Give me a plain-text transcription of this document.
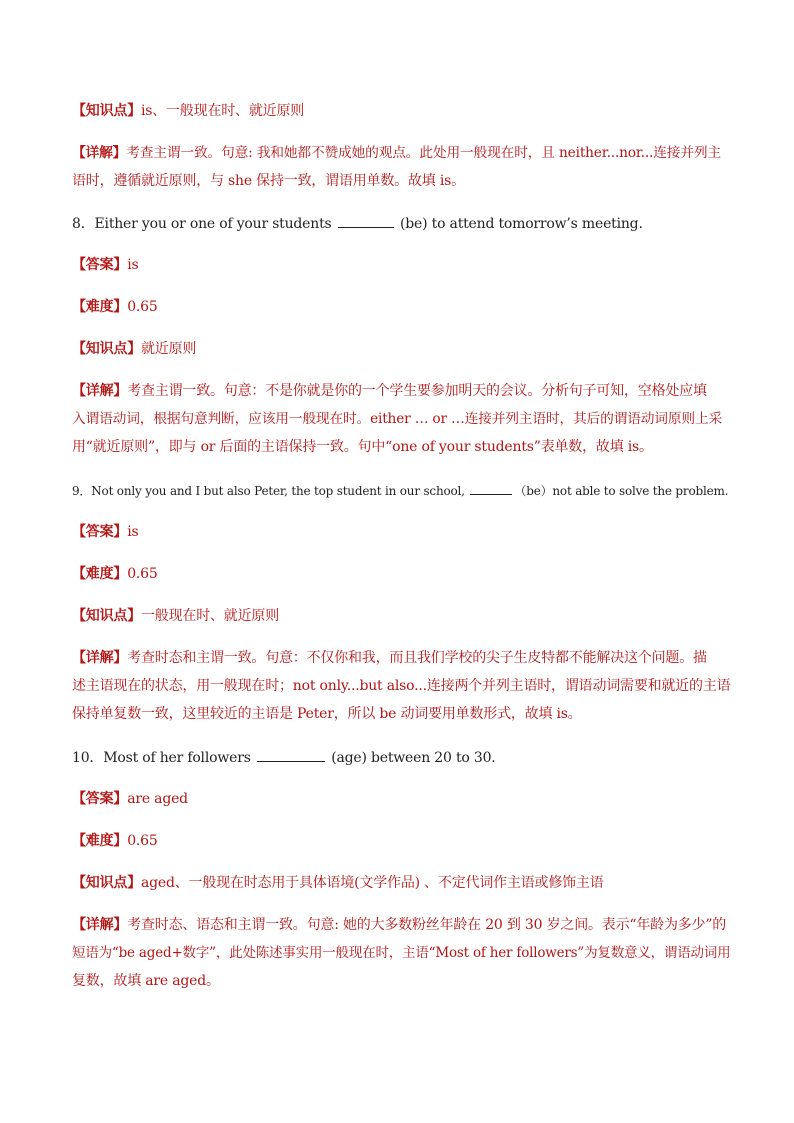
【知识点】is、一般现在时、就近原则
【详解】考查主谓一致。句意: 我和她都不赞成她的观点。此处用一般现在时，且 neither...nor...连接并列主
语时，遵循就近原则，与 she 保持一致，谓语用单数。故填 is。
8．Either you or one of your students	(be) to attend tomorrow’s meeting.
【答案】is
【难度】0.65
【知识点】就近原则
【详解】考查主谓一致。句意：不是你就是你的一个学生要参加明天的会议。分析句子可知，空格处应填
入谓语动词，根据句意判断，应该用一般现在时。either … or …连接并列主语时，其后的谓语动词原则上采
用“就近原则”，即与 or 后面的主语保持一致。句中“one of your students”表单数，故填 is。
9．Not only you and I but also Peter, the top student in our school,	（be）not able to solve the problem.
【答案】is
【难度】0.65
【知识点】一般现在时、就近原则
【详解】考查时态和主谓一致。句意：不仅你和我，而且我们学校的尖子生皮特都不能解决这个问题。描
述主语现在的状态，用一般现在时；not only...but also...连接两个并列主语时，谓语动词需要和就近的主语
保持单复数一致，这里较近的主语是 Peter，所以 be 动词要用单数形式，故填 is。
10．Most of her followers	(age) between 20 to 30.
【答案】are aged
【难度】0.65
【知识点】aged、一般现在时态用于具体语境(文学作品) 、不定代词作主语或修饰主语
【详解】考查时态、语态和主谓一致。句意: 她的大多数粉丝年龄在 20 到 30 岁之间。表示“年龄为多少”的
短语为“be aged+数字”，此处陈述事实用一般现在时，主语“Most of her followers”为复数意义，谓语动词用
复数，故填 are aged。
